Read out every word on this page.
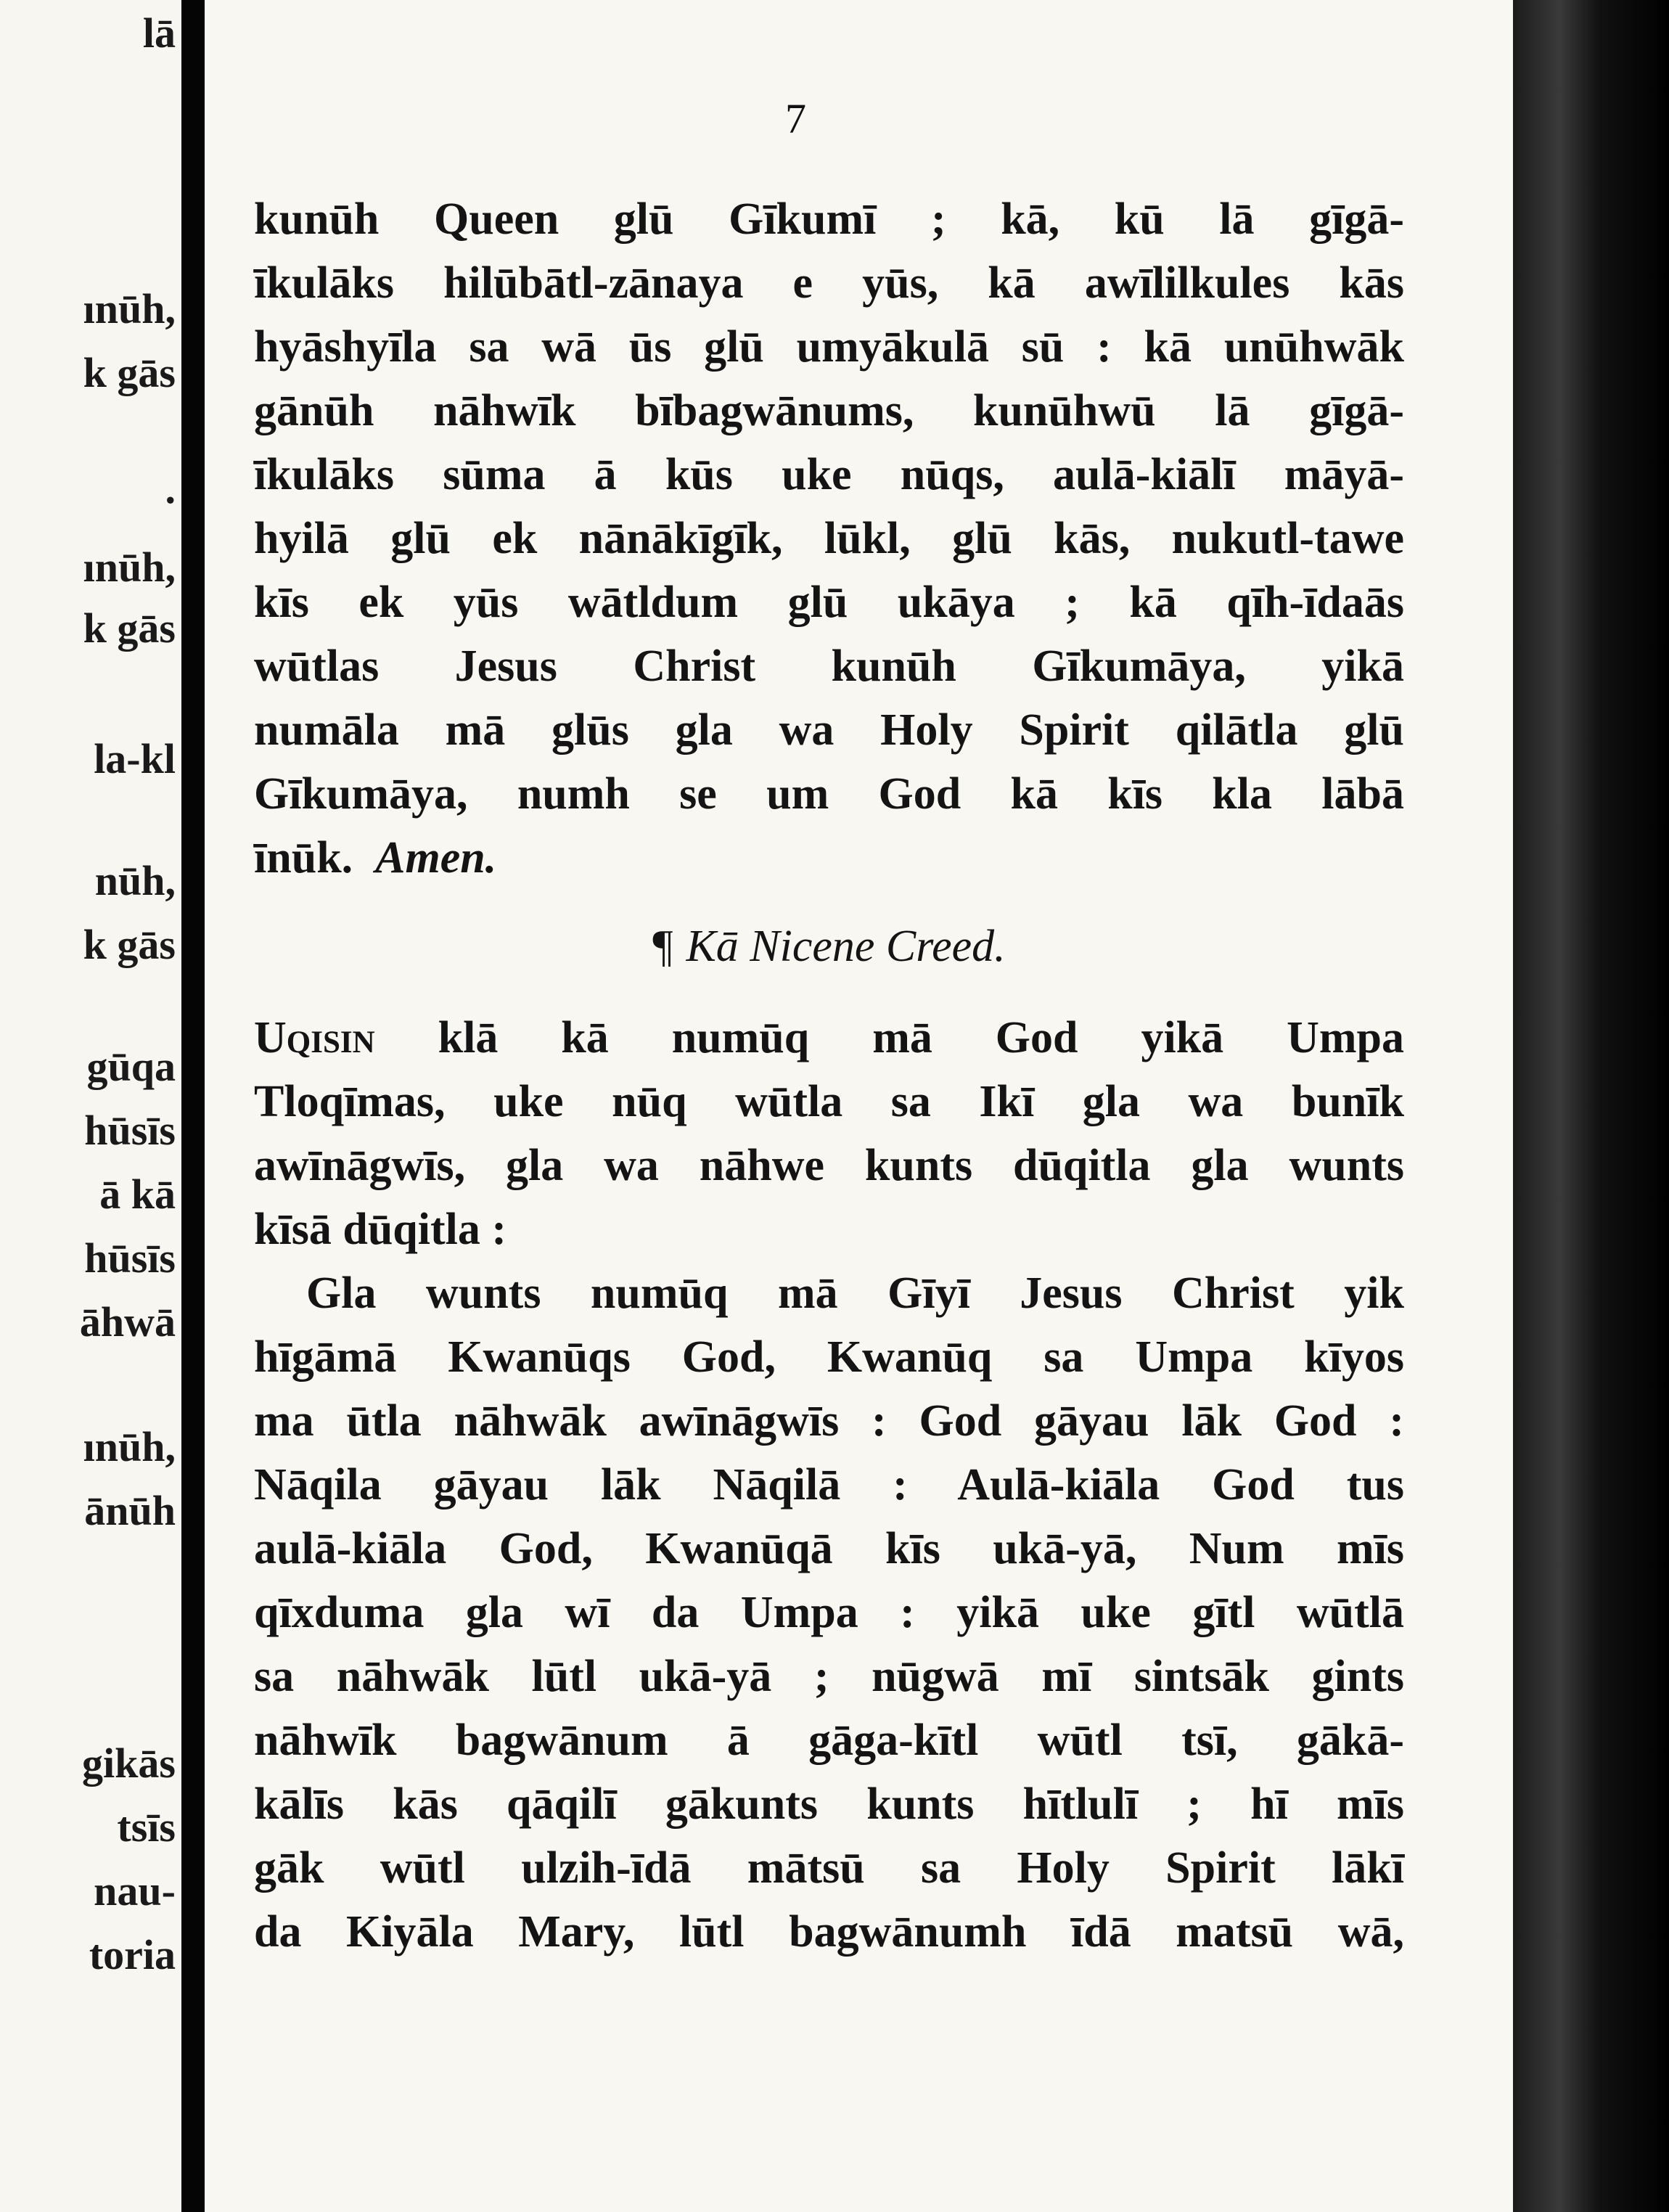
lā
ınūh,
k gās
.
ınūh,
k gās
la-kl
nūh,
k gās
gūqa
hūsīs
ā kā
hūsīs
āhwā
ınūh,
ānūh
gikās
tsīs
nau-
toria
7
kunūh Queen glū Gīkumī ; kā, kū lā gīgā-
īkulāks hilūbātl-zānaya e yūs, kā awīlilkules kās
hyāshyīla sa wā ūs glū umyākulā sū : kā unūhwāk
gānūh nāhwīk bībagwānums, kunūhwū lā gīgā-
īkulāks sūma ā kūs uke nūqs, aulā-kiālī māyā-
hyilā glū ek nānākīgīk, lūkl, glū kās, nukutl-tawe
kīs ek yūs wātldum glū ukāya ; kā qīh-īdaās
wūtlas Jesus Christ kunūh Gīkumāya, yikā
numāla mā glūs gla wa Holy Spirit qilātla glū
Gīkumāya, numh se um God kā kīs kla lābā
īnūk. Amen.
¶ Kā Nicene Creed.
Uqisin klā kā numūq mā God yikā Umpa
Tloqīmas, uke nūq wūtla sa Ikī gla wa bunīk
awīnāgwīs, gla wa nāhwe kunts dūqitla gla wunts
kīsā dūqitla :
Gla wunts numūq mā Gīyī Jesus Christ yik
hīgāmā Kwanūqs God, Kwanūq sa Umpa kīyos
ma ūtla nāhwāk awīnāgwīs : God gāyau lāk God :
Nāqila gāyau lāk Nāqilā : Aulā-kiāla God tus
aulā-kiāla God, Kwanūqā kīs ukā-yā, Num mīs
qīxduma gla wī da Umpa : yikā uke gītl wūtlā
sa nāhwāk lūtl ukā-yā ; nūgwā mī sintsāk gints
nāhwīk bagwānum ā gāga-kītl wūtl tsī, gākā-
kālīs kās qāqilī gākunts kunts hītlulī ; hī mīs
gāk wūtl ulzih-īdā mātsū sa Holy Spirit lākī
da Kiyāla Mary, lūtl bagwānumh īdā matsū wā,
